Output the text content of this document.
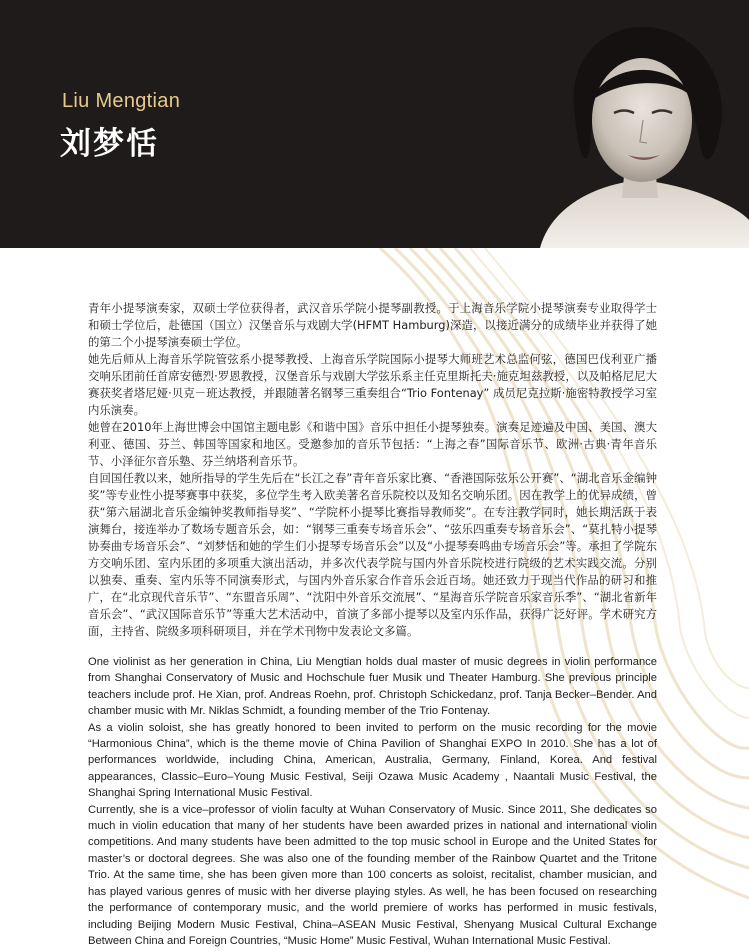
Liu Mengtian
刘梦恬

青年小提琴演奏家，双硕士学位获得者，武汉音乐学院小提琴副教授。于上海音乐学院小提琴演奏专业取得学士和硕士学位后，赴德国（国立）汉堡音乐与戏剧大学(HFMT Hamburg)深造，以接近满分的成绩毕业并获得了她的第二个小提琴演奏硕士学位。

她先后师从上海音乐学院管弦系小提琴教授、上海音乐学院国际小提琴大师班艺术总监何弦，德国巴伐利亚广播交响乐团前任首席安德烈·罗恩教授，汉堡音乐与戏剧大学弦乐系主任克里斯托夫·施克坦兹教授，以及帕格尼尼大赛获奖者塔尼娅·贝克－班达教授，并跟随著名钢琴三重奏组合“Trio Fontenay” 成员尼克拉斯·施密特教授学习室内乐演奏。

她曾在2010年上海世博会中国馆主题电影《和谐中国》音乐中担任小提琴独奏。演奏足迹遍及中国、美国、澳大利亚、德国、芬兰、韩国等国家和地区。受邀参加的音乐节包括：“上海之春”国际音乐节、欧洲·古典·青年音乐节、小泽征尔音乐塾、芬兰纳塔利音乐节。

自回国任教以来，她所指导的学生先后在“长江之春”青年音乐家比赛、“香港国际弦乐公开赛”、“湖北音乐金编钟奖”等专业性小提琴赛事中获奖，多位学生考入欧美著名音乐院校以及知名交响乐团。因在教学上的优异成绩，曾获“第六届湖北音乐金编钟奖教师指导奖”、“学院杯小提琴比赛指导教师奖”。在专注教学同时，她长期活跃于表演舞台，接连举办了数场专题音乐会，如：“钢琴三重奏专场音乐会”、“弦乐四重奏专场音乐会”、“莫扎特小提琴协奏曲专场音乐会”、“刘梦恬和她的学生们小提琴专场音乐会”以及“小提琴奏鸣曲专场音乐会”等。承担了学院东方交响乐团、室内乐团的多项重大演出活动，并多次代表学院与国内外音乐院校进行院级的艺术实践交流。分别以独奏、重奏、室内乐等不同演奏形式，与国内外音乐家合作音乐会近百场。她还致力于现当代作品的研习和推广，在“北京现代音乐节”、“东盟音乐周”、“沈阳中外音乐交流展”、“星海音乐学院音乐家音乐季”、“湖北省新年音乐会”、“武汉国际音乐节”等重大艺术活动中，首演了多部小提琴以及室内乐作品，获得广泛好评。学术研究方面，主持省、院级多项科研项目，并在学术刊物中发表论文多篇。

One violinist as her generation in China, Liu Mengtian holds dual master of music degrees in violin performance from Shanghai Conservatory of Music and Hochschule fuer Musik und Theater Hamburg. She previous principle teachers include prof. He Xian, prof. Andreas Roehn, prof. Christoph Schickedanz, prof. Tanja Becker–Bender. And chamber music with Mr. Niklas Schmidt, a founding member of the Trio Fontenay.

As a violin soloist, she has greatly honored to been invited to perform on the music recording for the movie “Harmonious China”, which is the theme movie of China Pavilion of Shanghai EXPO In 2010. She has a lot of performances worldwide, including China, American, Australia, Germany, Finland, Korea. And festival appearances, Classic–Euro–Young Music Festival, Seiji Ozawa Music Academy , Naantali Music Festival, the Shanghai Spring International Music Festival.

Currently, she is a vice–professor of violin faculty at Wuhan Conservatory of Music. Since 2011, She dedicates so much in violin education that many of her students have been awarded prizes in national and international violin competitions. And many students have been admitted to the top music school in Europe and the United States for master’s or doctoral degrees. She was also one of the founding member of the Rainbow Quartet and the Tritone Trio. At the same time, she has been given more than 100 concerts as soloist, recitalist, chamber musician, and has played various genres of music with her diverse playing styles. As well, he has been focused on researching the performance of contemporary music, and the world premiere of works has performed in music festivals, including Beijing Modern Music Festival, China–ASEAN Music Festival, Shenyang Musical Cultural Exchange Between China and Foreign Countries, “Music Home” Music Festival, Wuhan International Music Festival.
